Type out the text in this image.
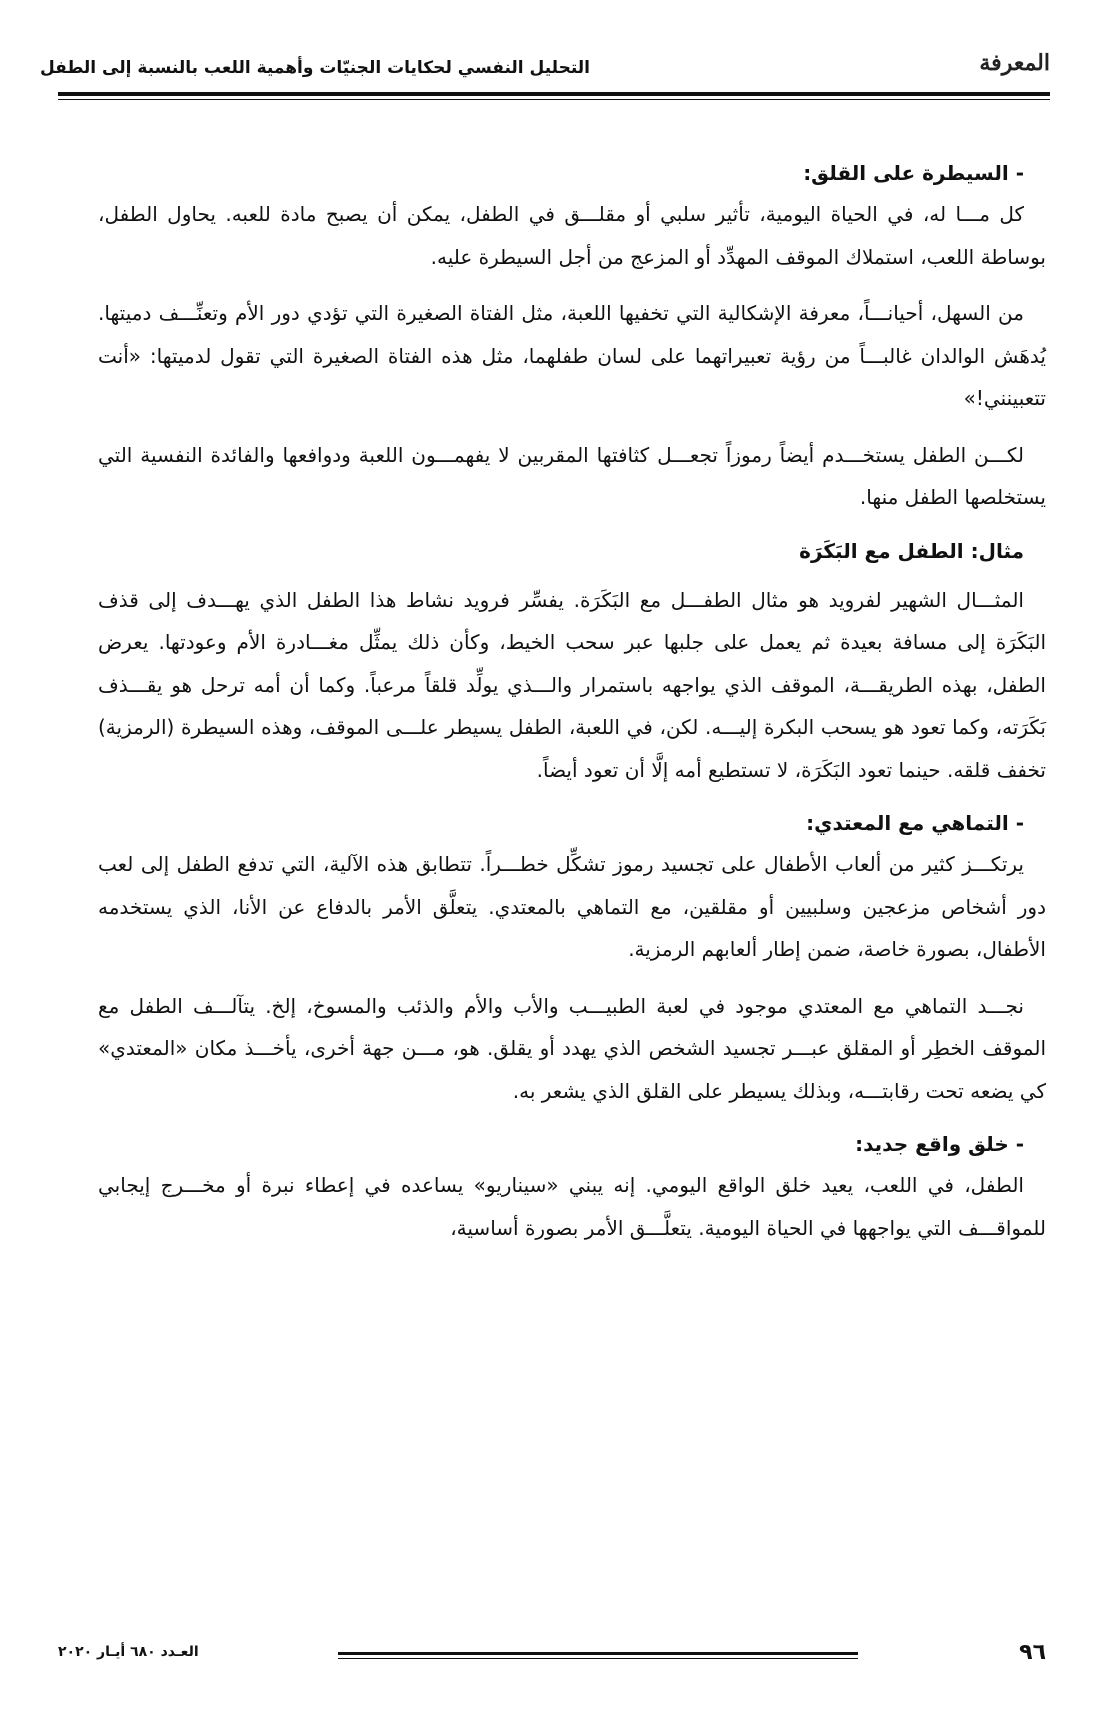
المعرفة
التحليل النفسي لحكايات الجنيّات وأهمية اللعب بالنسبة إلى الطفل
- السيطرة على القلق:

كل مـــا له، في الحياة اليومية، تأثير سلبي أو مقلـــق في الطفل، يمكن أن يصبح مادة للعبه. يحاول الطفل، بوساطة اللعب، استملاك الموقف المهدِّد أو المزعج من أجل السيطرة عليه.

من السهل، أحيانـــاً، معرفة الإشكالية التي تخفيها اللعبة، مثل الفتاة الصغيرة التي تؤدي دور الأم وتعنِّـــف دميتها. يُدهَش الوالدان غالبـــاً من رؤية تعبيراتهما على لسان طفلهما، مثل هذه الفتاة الصغيرة التي تقول لدميتها: «أنت تتعبينني!»

لكـــن الطفل يستخـــدم أيضاً رموزاً تجعـــل كثافتها المقربين لا يفهمـــون اللعبة ودوافعها والفائدة النفسية التي يستخلصها الطفل منها.

مثال: الطفل مع البَكَرَة

المثـــال الشهير لفرويد هو مثال الطفـــل مع البَكَرَة. يفسِّر فرويد نشاط هذا الطفل الذي يهـــدف إلى قذف البَكَرَة إلى مسافة بعيدة ثم يعمل على جلبها عبر سحب الخيط، وكأن ذلك يمثِّل مغـــادرة الأم وعودتها. يعرض الطفل، بهذه الطريقـــة، الموقف الذي يواجهه باستمرار والـــذي يولِّد قلقاً مرعباً. وكما أن أمه ترحل هو يقـــذف بَكَرَته، وكما تعود هو يسحب البكرة إليـــه. لكن، في اللعبة، الطفل يسيطر علـــى الموقف، وهذه السيطرة (الرمزية) تخفف قلقه. حينما تعود البَكَرَة، لا تستطيع أمه إلَّا أن تعود أيضاً.

- التماهي مع المعتدي:

يرتكـــز كثير من ألعاب الأطفال على تجسيد رموز تشكِّل خطـــراً. تتطابق هذه الآلية، التي تدفع الطفل إلى لعب دور أشخاص مزعجين وسلبيين أو مقلقين، مع التماهي بالمعتدي. يتعلَّق الأمر بالدفاع عن الأنا، الذي يستخدمه الأطفال، بصورة خاصة، ضمن إطار ألعابهم الرمزية.

نجـــد التماهي مع المعتدي موجود في لعبة الطبيـــب والأب والأم والذئب والمسوخ، إلخ. يتآلـــف الطفل مع الموقف الخطِر أو المقلق عبـــر تجسيد الشخص الذي يهدد أو يقلق. هو، مـــن جهة أخرى، يأخـــذ مكان «المعتدي» كي يضعه تحت رقابتـــه، وبذلك يسيطر على القلق الذي يشعر به.

- خلق واقع جديد:

الطفل، في اللعب، يعيد خلق الواقع اليومي. إنه يبني «سيناريو» يساعده في إعطاء نبرة أو مخـــرج إيجابي للمواقـــف التي يواجهها في الحياة اليومية. يتعلَّـــق الأمر بصورة أساسية،

العـدد ٦٨٠ أيـار ٢٠٢٠	٩٦
